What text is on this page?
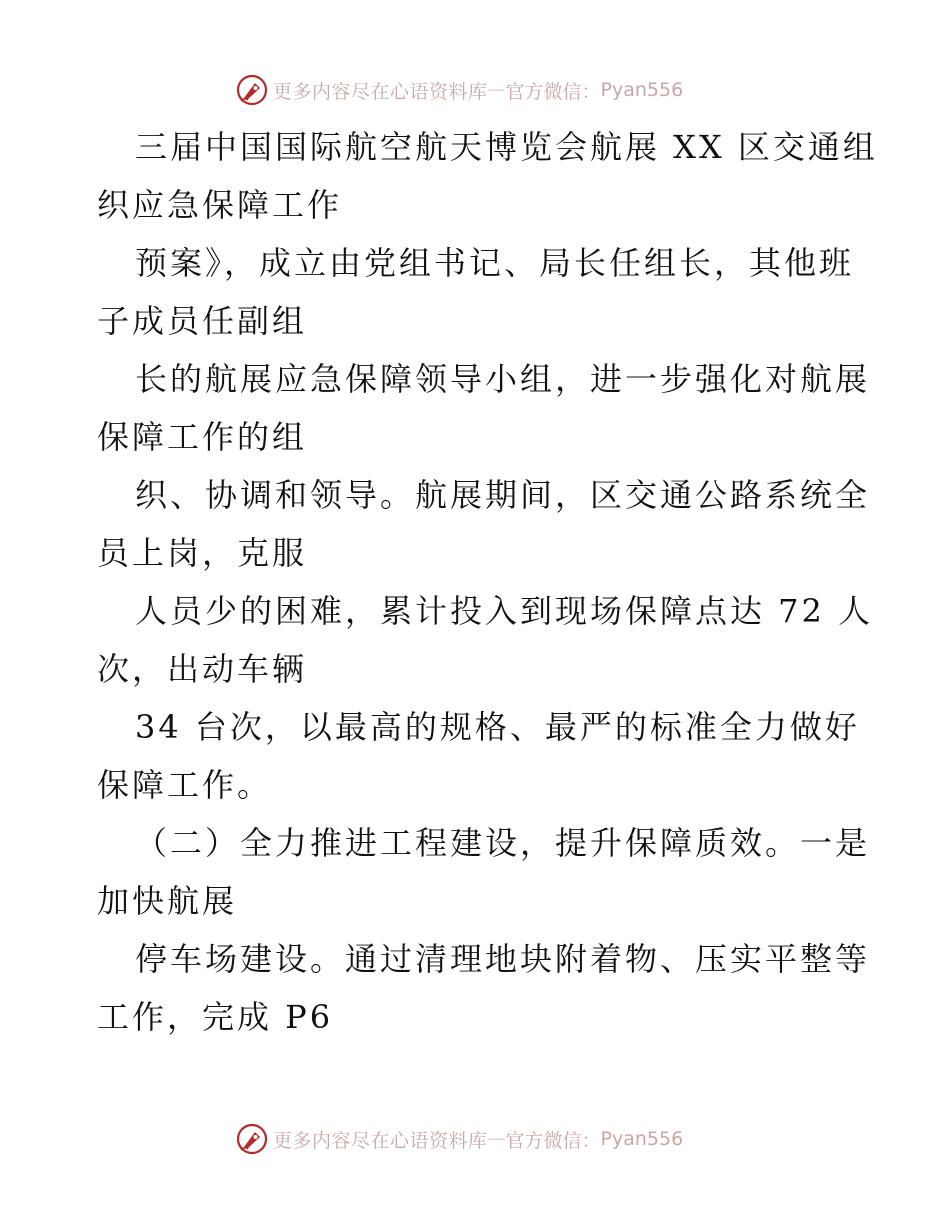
更多内容尽在心语资料库 — 官方微信： Pyan556
三届中国国际航空航天博览会航展 XX 区交通组
织应急保障工作
预案》，成立由党组书记、局长任组长，其他班
子成员任副组
长的航展应急保障领导小组，进一步强化对航展
保障工作的组
织、协调和领导。航展期间，区交通公路系统全
员上岗，克服
人员少的困难，累计投入到现场保障点达 72 人
次，出动车辆
34 台次，以最高的规格、最严的标准全力做好
保障工作。
（二）全力推进工程建设，提升保障质效。一是
加快航展
停车场建设。通过清理地块附着物、压实平整等
工作，完成 P6
更多内容尽在心语资料库 — 官方微信： Pyan556
